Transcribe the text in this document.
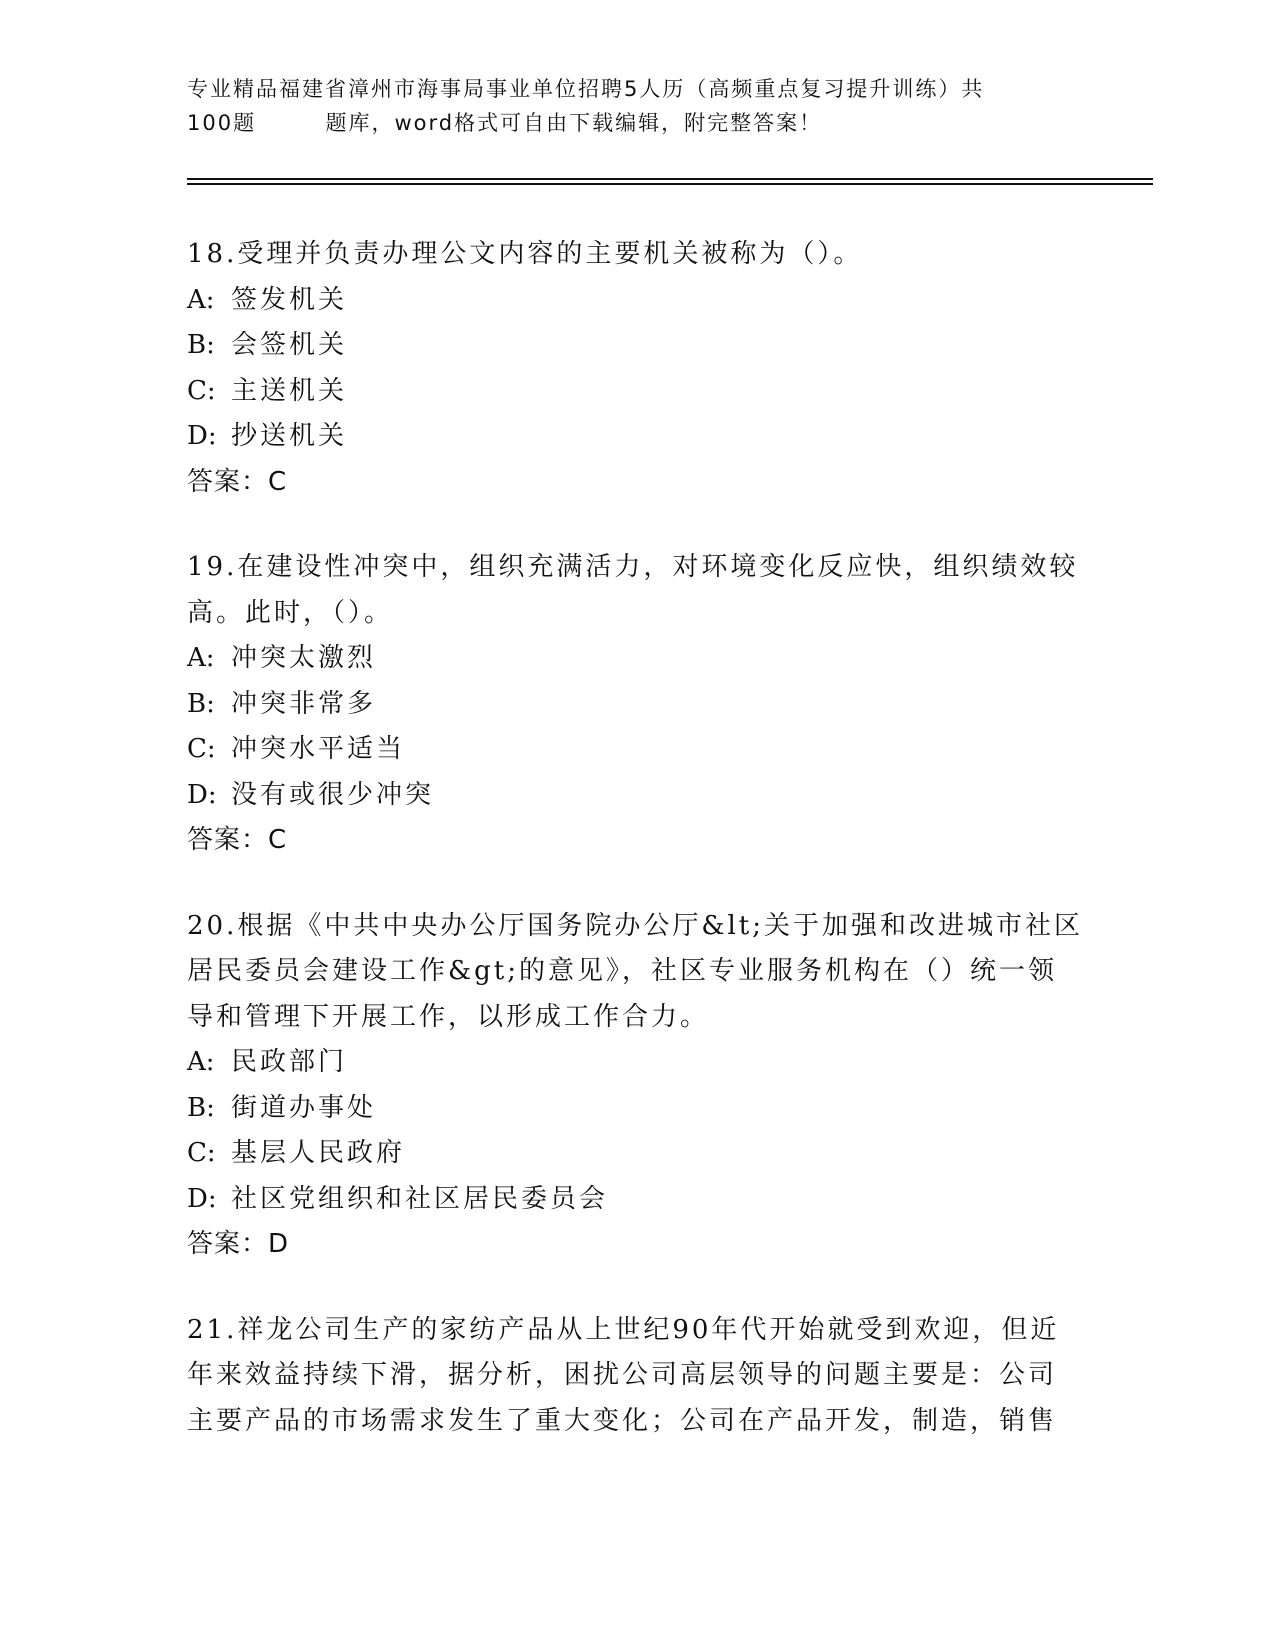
专业精品福建省漳州市海事局事业单位招聘5人历（高频重点复习提升训练）共
100题        题库，word格式可自由下载编辑，附完整答案！
18.受理并负责办理公文内容的主要机关被称为（）。
A: 签发机关
B: 会签机关
C: 主送机关
D: 抄送机关
答案：C
19.在建设性冲突中，组织充满活力，对环境变化反应快，组织绩效较
高。此时，（）。
A: 冲突太激烈
B: 冲突非常多
C: 冲突水平适当
D: 没有或很少冲突
答案：C
20.根据《中共中央办公厅国务院办公厅&lt;关于加强和改进城市社区
居民委员会建设工作&gt;的意见》，社区专业服务机构在（）统一领
导和管理下开展工作，以形成工作合力。
A: 民政部门
B: 街道办事处
C: 基层人民政府
D: 社区党组织和社区居民委员会
答案：D
21.祥龙公司生产的家纺产品从上世纪90年代开始就受到欢迎，但近
年来效益持续下滑，据分析，困扰公司高层领导的问题主要是：公司
主要产品的市场需求发生了重大变化；公司在产品开发，制造，销售
